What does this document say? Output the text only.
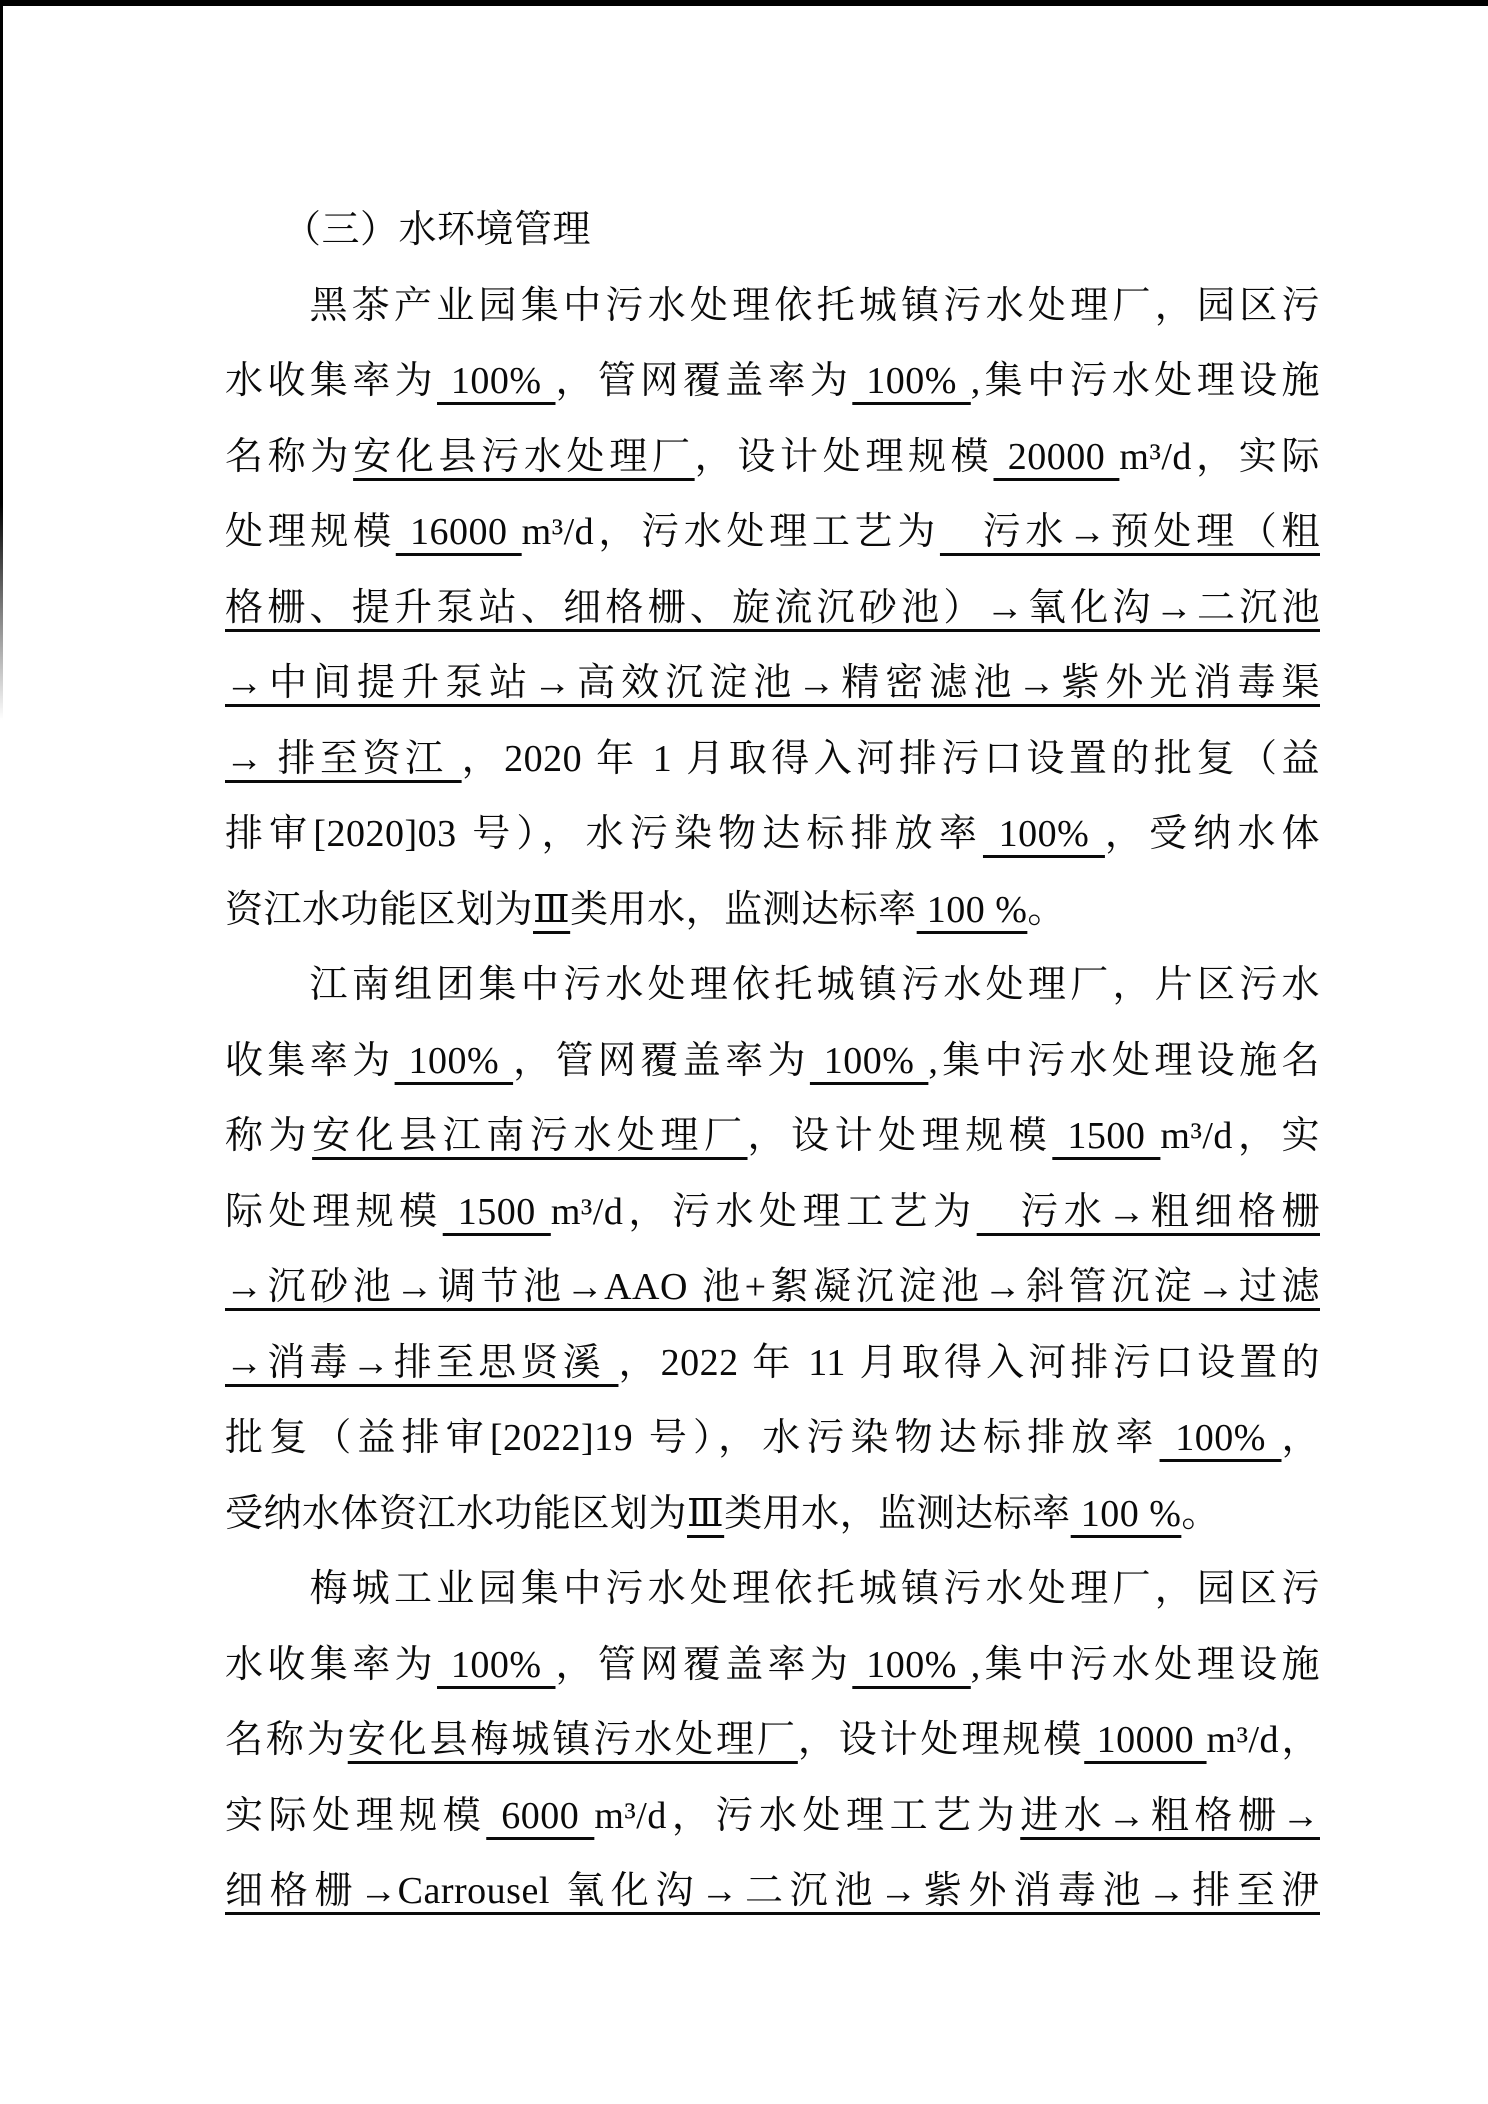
　　（三）水环境管理
　　黑茶产业园集中污水处理依托城镇污水处理厂，园区污
水收集率为 100% ，管网覆盖率为 100% ,集中污水处理设施
名称为安化县污水处理厂，设计处理规模 20000 m³/d，实际
处理规模 16000 m³/d，污水处理工艺为　污水→预处理（粗
格栅、提升泵站、细格栅、旋流沉砂池）→氧化沟→二沉池
→中间提升泵站→高效沉淀池→精密滤池→紫外光消毒渠
→ 排至资江 ，2020 年 1 月取得入河排污口设置的批复（益
排审[2020]03 号），水污染物达标排放率 100% ，受纳水体
资江水功能区划为Ⅲ类用水，监测达标率 100 %。
　　江南组团集中污水处理依托城镇污水处理厂，片区污水
收集率为 100% ，管网覆盖率为 100% ,集中污水处理设施名
称为安化县江南污水处理厂，设计处理规模 1500 m³/d，实
际处理规模 1500 m³/d，污水处理工艺为　污水→粗细格栅
→沉砂池→调节池→AAO 池+絮凝沉淀池→斜管沉淀→过滤
→消毒→排至思贤溪 ，2022 年 11 月取得入河排污口设置的
批复（益排审[2022]19 号），水污染物达标排放率 100% ，
受纳水体资江水功能区划为Ⅲ类用水，监测达标率 100 %。
　　梅城工业园集中污水处理依托城镇污水处理厂，园区污
水收集率为 100% ，管网覆盖率为 100% ,集中污水处理设施
名称为安化县梅城镇污水处理厂，设计处理规模 10000 m³/d，
实际处理规模 6000 m³/d，污水处理工艺为进水→粗格栅→
细格栅→Carrousel 氧化沟→二沉池→紫外消毒池→排至洢
